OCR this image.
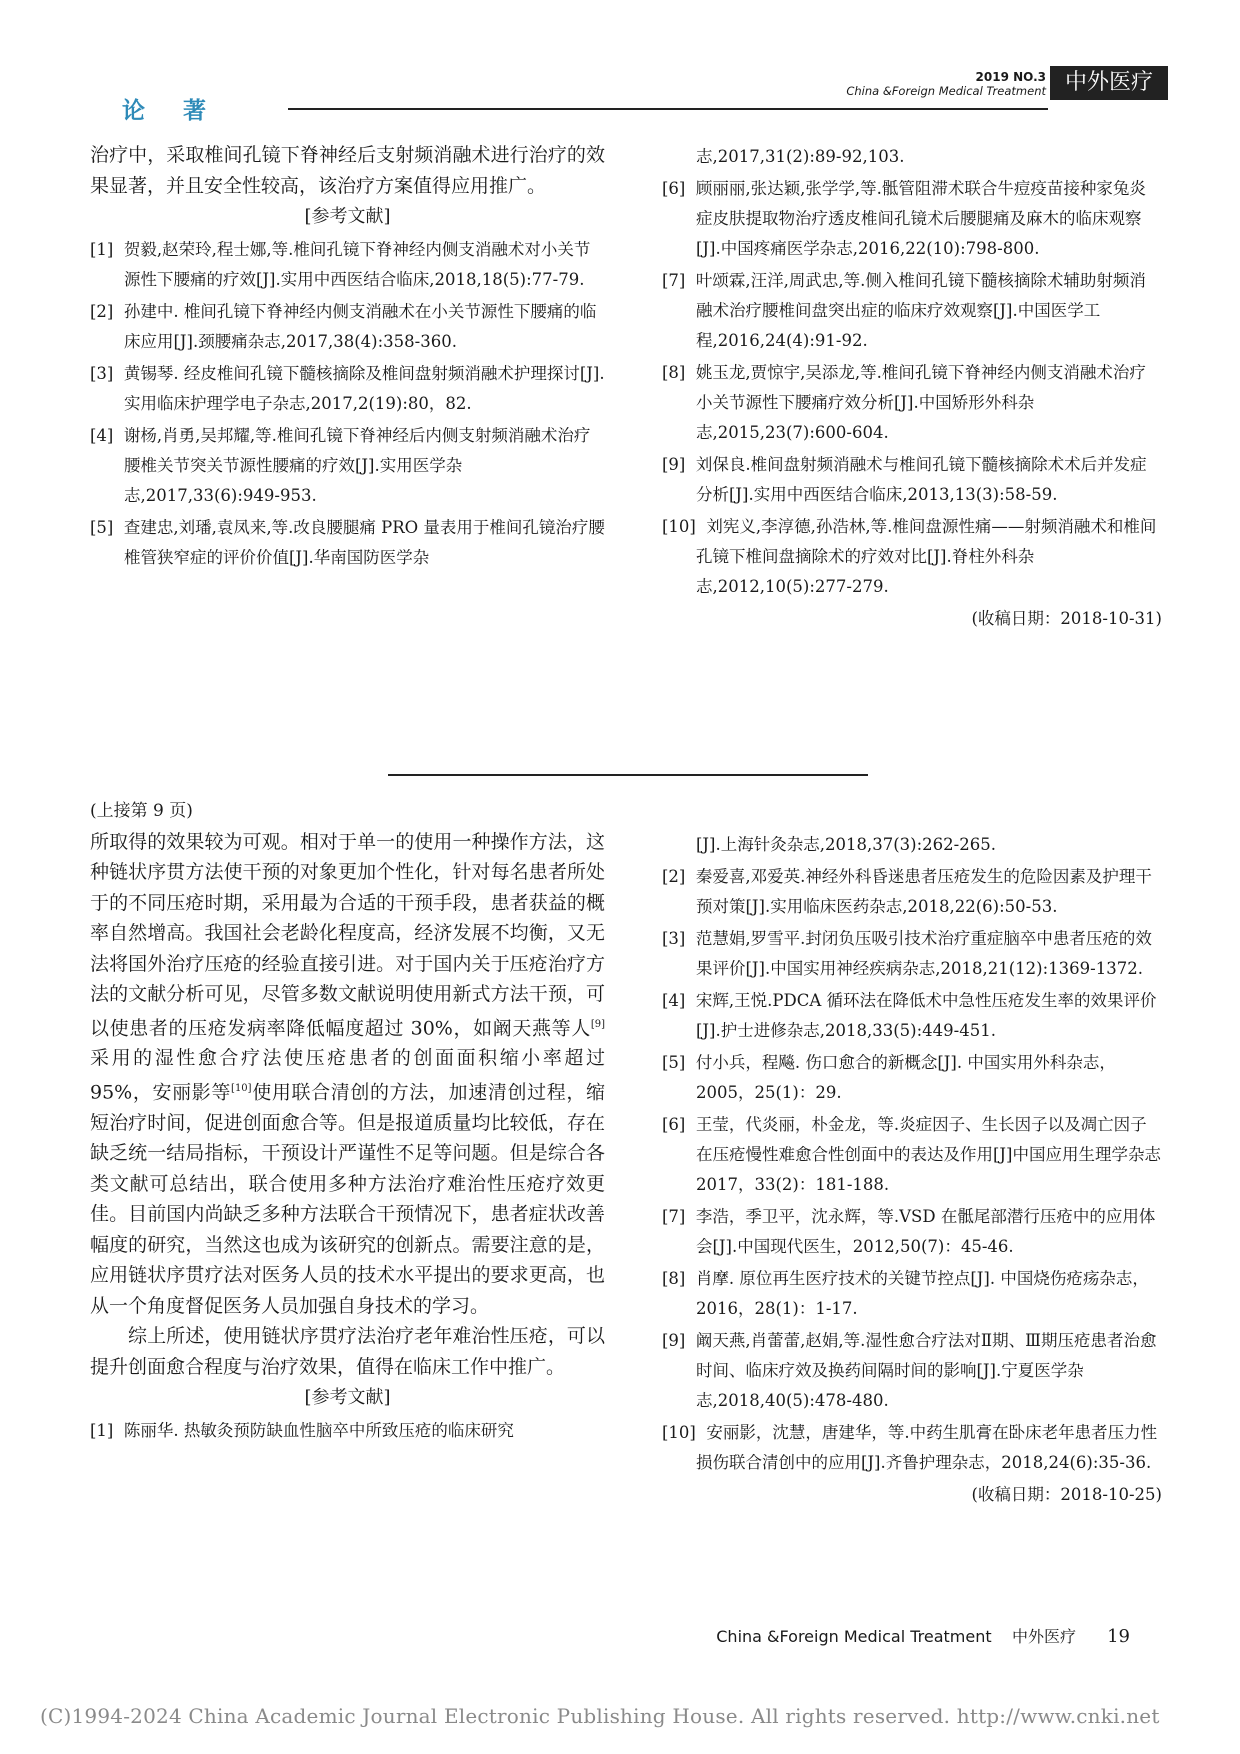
论著
2019 NO.3
China &Foreign Medical Treatment 中外医疗

治疗中，采取椎间孔镜下脊神经后支射频消融术进行治疗的效果显著，并且安全性较高，该治疗方案值得应用推广。

[参考文献]
[1] 贺毅,赵荣玲,程士娜,等.椎间孔镜下脊神经内侧支消融术对小关节源性下腰痛的疗效[J].实用中西医结合临床,2018,18(5):77-79.
[2] 孙建中. 椎间孔镜下脊神经内侧支消融术在小关节源性下腰痛的临床应用[J].颈腰痛杂志,2017,38(4):358-360.
[3] 黄锡琴. 经皮椎间孔镜下髓核摘除及椎间盘射频消融术护理探讨[J].实用临床护理学电子杂志,2017,2(19):80，82.
[4] 谢杨,肖勇,吴邦耀,等.椎间孔镜下脊神经后内侧支射频消融术治疗腰椎关节突关节源性腰痛的疗效[J].实用医学杂志,2017,33(6):949-953.
[5] 查建忠,刘璠,袁凤来,等.改良腰腿痛 PRO 量表用于椎间孔镜治疗腰椎管狭窄症的评价价值[J].华南国防医学杂
志,2017,31(2):89-92,103.
[6] 顾丽丽,张达颖,张学学,等.骶管阻滞术联合牛痘疫苗接种家兔炎症皮肤提取物治疗透皮椎间孔镜术后腰腿痛及麻木的临床观察[J].中国疼痛医学杂志,2016,22(10):798-800.
[7] 叶颂霖,汪洋,周武忠,等.侧入椎间孔镜下髓核摘除术辅助射频消融术治疗腰椎间盘突出症的临床疗效观察[J].中国医学工程,2016,24(4):91-92.
[8] 姚玉龙,贾惊宇,吴添龙,等.椎间孔镜下脊神经内侧支消融术治疗小关节源性下腰痛疗效分析[J].中国矫形外科杂志,2015,23(7):600-604.
[9] 刘保良.椎间盘射频消融术与椎间孔镜下髓核摘除术术后并发症分析[J].实用中西医结合临床,2013,13(3):58-59.
[10] 刘宪义,李淳德,孙浩林,等.椎间盘源性痛——射频消融术和椎间孔镜下椎间盘摘除术的疗效对比[J].脊柱外科杂志,2012,10(5):277-279.
(收稿日期：2018-10-31)
(上接第 9 页)

所取得的效果较为可观。相对于单一的使用一种操作方法，这种链状序贯方法使干预的对象更加个性化，针对每名患者所处于的不同压疮时期，采用最为合适的干预手段，患者获益的概率自然增高。我国社会老龄化程度高，经济发展不均衡，又无法将国外治疗压疮的经验直接引进。对于国内关于压疮治疗方法的文献分析可见，尽管多数文献说明使用新式方法干预，可以使患者的压疮发病率降低幅度超过 30%，如阚天燕等人[9]采用的湿性愈合疗法使压疮患者的创面面积缩小率超过 95%，安丽影等[10]使用联合清创的方法，加速清创过程，缩短治疗时间，促进创面愈合等。但是报道质量均比较低，存在缺乏统一结局指标，干预设计严谨性不足等问题。但是综合各类文献可总结出，联合使用多种方法治疗难治性压疮疗效更佳。目前国内尚缺乏多种方法联合干预情况下，患者症状改善幅度的研究，当然这也成为该研究的创新点。需要注意的是，应用链状序贯疗法对医务人员的技术水平提出的要求更高，也从一个角度督促医务人员加强自身技术的学习。

综上所述，使用链状序贯疗法治疗老年难治性压疮，可以提升创面愈合程度与治疗效果，值得在临床工作中推广。

[参考文献]
[1] 陈丽华. 热敏灸预防缺血性脑卒中所致压疮的临床研究
[J].上海针灸杂志,2018,37(3):262-265.
[2] 秦爱喜,邓爱英.神经外科昏迷患者压疮发生的危险因素及护理干预对策[J].实用临床医药杂志,2018,22(6):50-53.
[3] 范慧娟,罗雪平.封闭负压吸引技术治疗重症脑卒中患者压疮的效果评价[J].中国实用神经疾病杂志,2018,21(12):1369-1372.
[4] 宋辉,王悦.PDCA 循环法在降低术中急性压疮发生率的效果评价[J].护士进修杂志,2018,33(5):449-451.
[5] 付小兵，程飚. 伤口愈合的新概念[J]. 中国实用外科杂志，2005，25(1)：29.
[6] 王莹，代炎丽，朴金龙，等.炎症因子、生长因子以及凋亡因子在压疮慢性难愈合性创面中的表达及作用[J]中国应用生理学杂志 2017，33(2)：181-188.
[7] 李浩，季卫平，沈永辉，等.VSD 在骶尾部潜行压疮中的应用体会[J].中国现代医生，2012,50(7)：45-46.
[8] 肖摩. 原位再生医疗技术的关键节控点[J]. 中国烧伤疮疡杂志，2016，28(1)：1-17.
[9] 阚天燕,肖蕾蕾,赵娟,等.湿性愈合疗法对Ⅱ期、Ⅲ期压疮患者治愈时间、临床疗效及换药间隔时间的影响[J].宁夏医学杂志,2018,40(5):478-480.
[10] 安丽影，沈慧，唐建华，等.中药生肌膏在卧床老年患者压力性损伤联合清创中的应用[J].齐鲁护理杂志，2018,24(6):35-36.
(收稿日期：2018-10-25)
China &Foreign Medical Treatment 中外医疗 19
(C)1994-2024 China Academic Journal Electronic Publishing House. All rights reserved. http://www.cnki.net
